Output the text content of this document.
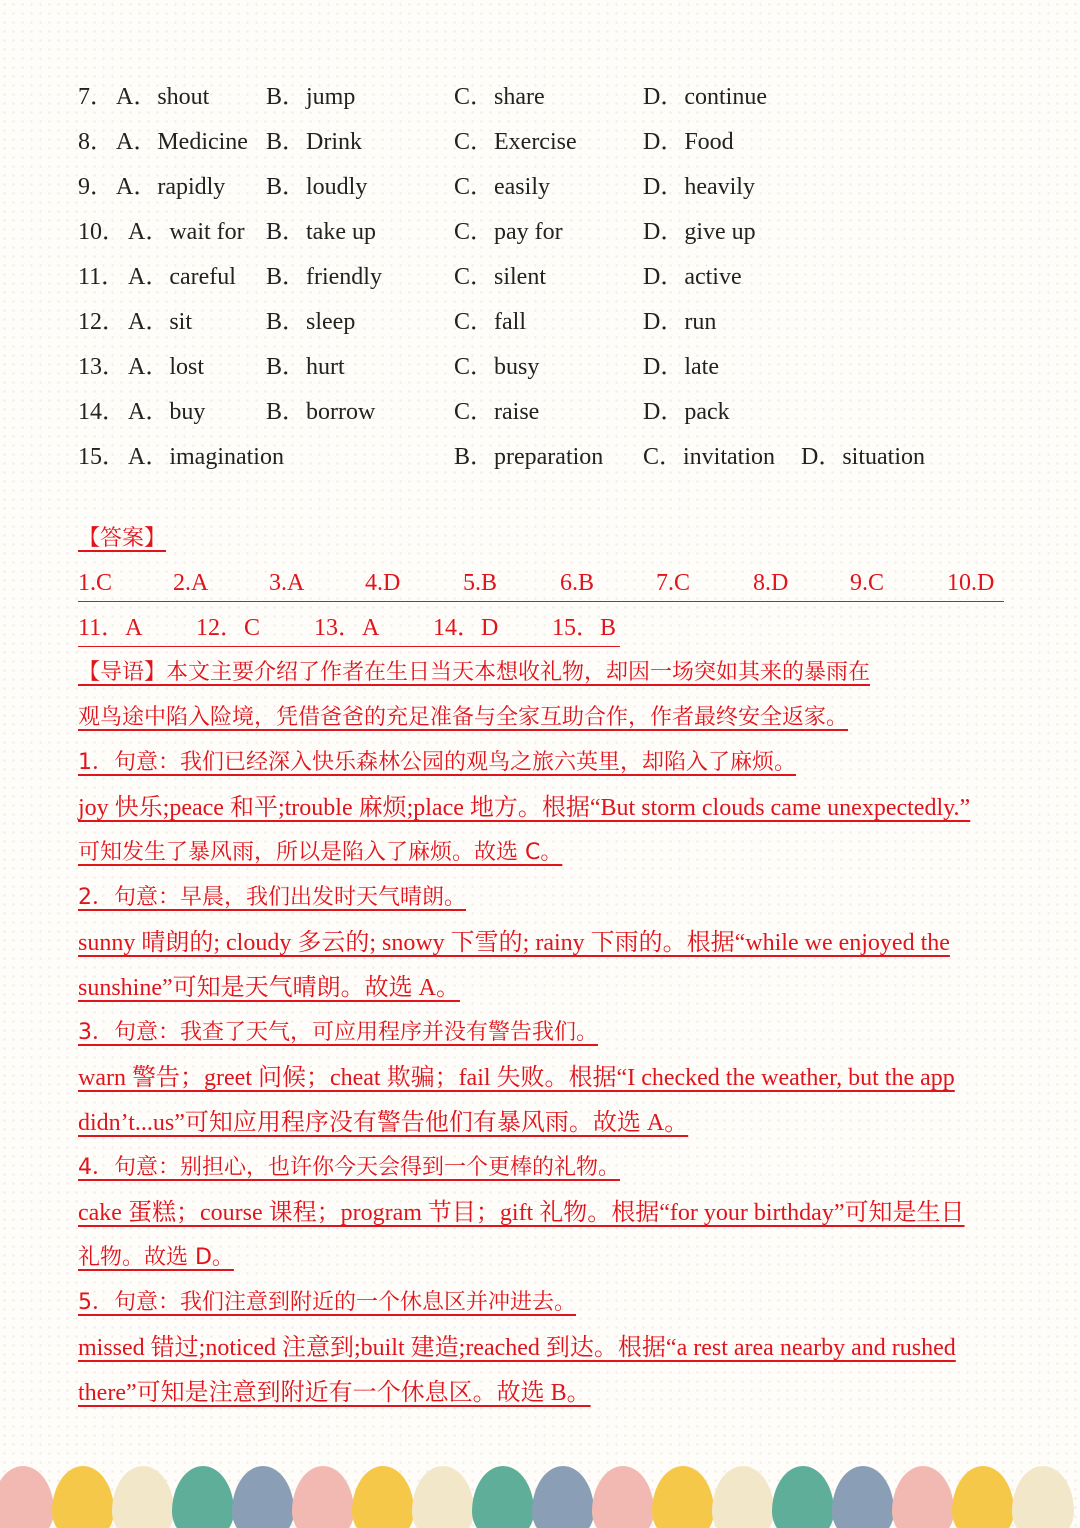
7． A．shout B．jump	C．share	D．continue
8． A．Medicine B．Drink	C．Exercise	D．Food
9． A．rapidly B．loudly	C．easily	D．heavily
10． A．wait for B．take up	C．pay for	D．give up
11． A．careful B．friendly	C．silent	D．active
12． A．sit	B．sleep	C．fall	D．run
13． A．lost	B．hurt	C．busy	D．late
14． A．buy	B．borrow	C．raise	D．pack
15． A．imagination	B．preparation C．invitation D．situation
【答案】
1.C	2.A	3.A	4.D	5.B	6.B	7.C	8.D	9.C	10.D
11．A 12．C 13．A 14．D 15．B
【导语】本文主要介绍了作者在生日当天本想收礼物，却因一场突如其来的暴雨在
观鸟途中陷入险境，凭借爸爸的充足准备与全家互助合作，作者最终安全返家。
1．句意：我们已经深入快乐森林公园的观鸟之旅六英里，却陷入了麻烦。
joy 快乐;peace 和平;trouble 麻烦;place 地方。根据“But storm clouds came unexpectedly.”
可知发生了暴风雨，所以是陷入了麻烦。故选 C。
2．句意：早晨，我们出发时天气晴朗。
sunny 晴朗的; cloudy 多云的; snowy 下雪的; rainy 下雨的。根据“while we enjoyed the
sunshine”可知是天气晴朗。故选 A。
3．句意：我查了天气，可应用程序并没有警告我们。
warn 警告；greet 问候；cheat 欺骗；fail 失败。根据“I checked the weather, but the app
didn’t...us”可知应用程序没有警告他们有暴风雨。故选 A。
4．句意：别担心，也许你今天会得到一个更棒的礼物。
cake 蛋糕；course 课程；program 节目；gift 礼物。根据“for your birthday”可知是生日
礼物。故选 D。
5．句意：我们注意到附近的一个休息区并冲进去。
missed 错过;noticed 注意到;built 建造;reached 到达。根据“a rest area nearby and rushed
there”可知是注意到附近有一个休息区。故选 B。
